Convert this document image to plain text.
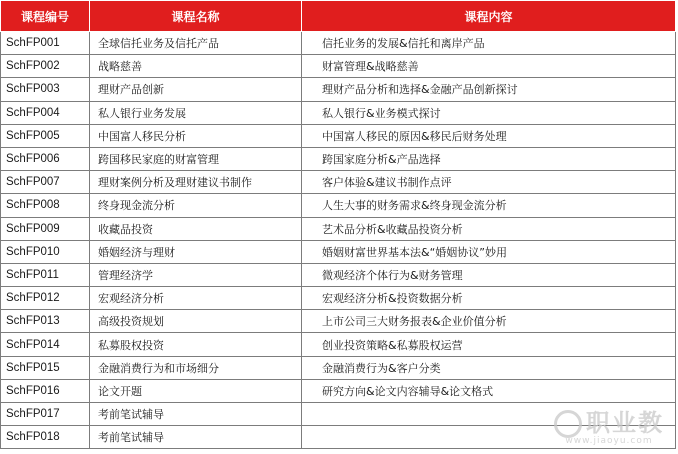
课程编号	课程名称	课程内容
SchFP001	全球信托业务及信托产品	信托业务的发展&信托和离岸产品
SchFP002	战略慈善	财富管理&战略慈善
SchFP003	理财产品创新	理财产品分析和选择&金融产品创新探讨
SchFP004	私人银行业务发展	私人银行&业务模式探讨
SchFP005	中国富人移民分析	中国富人移民的原因&移民后财务处理
SchFP006	跨国移民家庭的财富管理	跨国家庭分析&产品选择
SchFP007	理财案例分析及理财建议书制作	客户体验&建议书制作点评
SchFP008	终身现金流分析	人生大事的财务需求&终身现金流分析
SchFP009	收藏品投资	艺术品分析&收藏品投资分析
SchFP010	婚姻经济与理财	婚姻财富世界基本法&“婚姻协议”妙用
SchFP011	管理经济学	微观经济个体行为&财务管理
SchFP012	宏观经济分析	宏观经济分析&投资数据分析
SchFP013	高级投资规划	上市公司三大财务报表&企业价值分析
SchFP014	私募股权投资	创业投资策略&私募股权运营
SchFP015	金融消费行为和市场细分	金融消费行为&客户分类
SchFP016	论文开题	研究方向&论文内容辅导&论文格式
SchFP017	考前笔试辅导	
SchFP018	考前笔试辅导	
职业教
www.jiaoyu.com
